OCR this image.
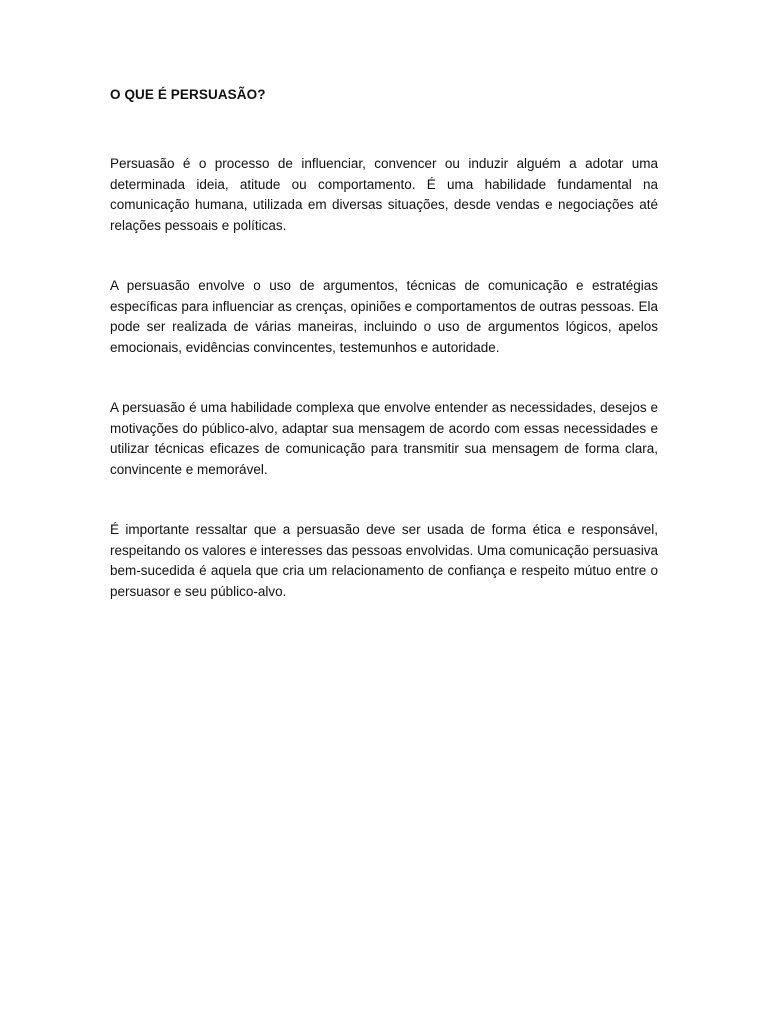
O QUE É PERSUASÃO?

Persuasão é o processo de influenciar, convencer ou induzir alguém a adotar uma determinada ideia, atitude ou comportamento. É uma habilidade fundamental na comunicação humana, utilizada em diversas situações, desde vendas e negociações até relações pessoais e políticas.

A persuasão envolve o uso de argumentos, técnicas de comunicação e estratégias específicas para influenciar as crenças, opiniões e comportamentos de outras pessoas. Ela pode ser realizada de várias maneiras, incluindo o uso de argumentos lógicos, apelos emocionais, evidências convincentes, testemunhos e autoridade.

A persuasão é uma habilidade complexa que envolve entender as necessidades, desejos e motivações do público-alvo, adaptar sua mensagem de acordo com essas necessidades e utilizar técnicas eficazes de comunicação para transmitir sua mensagem de forma clara, convincente e memorável.

É importante ressaltar que a persuasão deve ser usada de forma ética e responsável, respeitando os valores e interesses das pessoas envolvidas. Uma comunicação persuasiva bem-sucedida é aquela que cria um relacionamento de confiança e respeito mútuo entre o persuasor e seu público-alvo.
